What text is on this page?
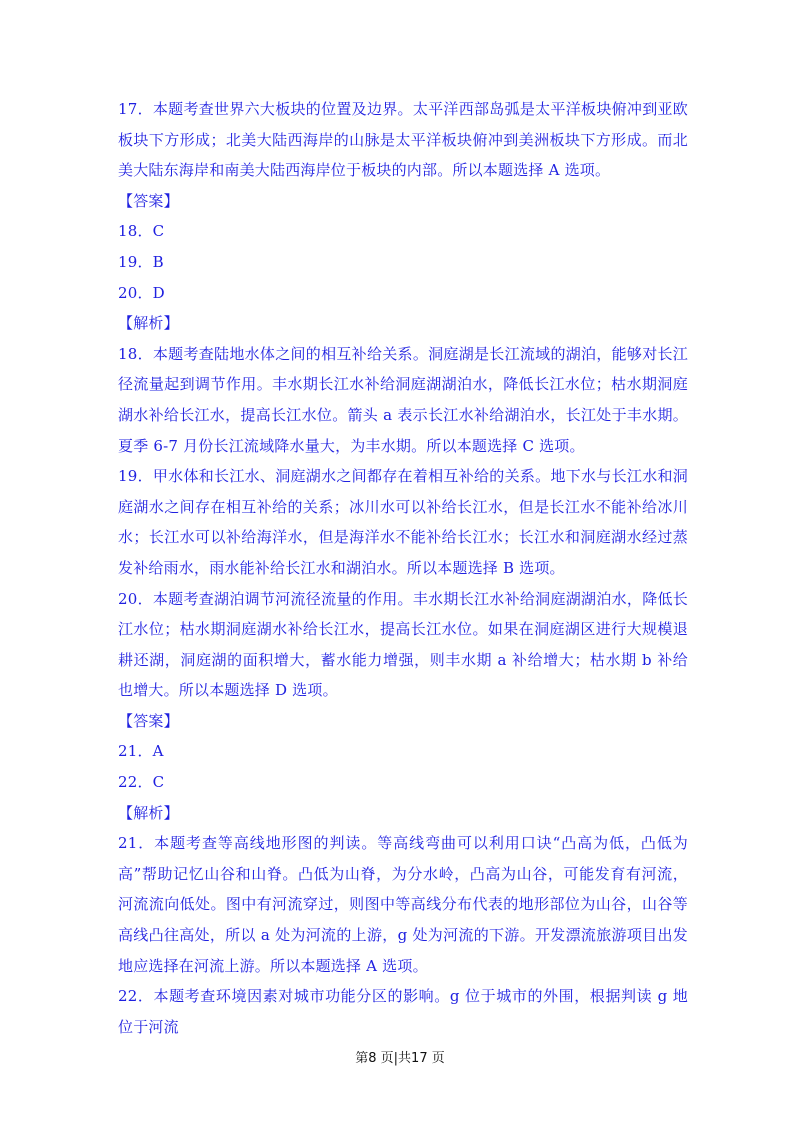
17．本题考查世界六大板块的位置及边界。太平洋西部岛弧是太平洋板块俯冲到亚欧板块下方形成；北美大陆西海岸的山脉是太平洋板块俯冲到美洲板块下方形成。而北美大陆东海岸和南美大陆西海岸位于板块的内部。所以本题选择 A 选项。

【答案】

18．C

19．B

20．D

【解析】

18．本题考查陆地水体之间的相互补给关系。洞庭湖是长江流域的湖泊，能够对长江径流量起到调节作用。丰水期长江水补给洞庭湖湖泊水，降低长江水位；枯水期洞庭湖水补给长江水，提高长江水位。箭头 a 表示长江水补给湖泊水，长江处于丰水期。夏季 6-7 月份长江流域降水量大，为丰水期。所以本题选择 C 选项。

19．甲水体和长江水、洞庭湖水之间都存在着相互补给的关系。地下水与长江水和洞庭湖水之间存在相互补给的关系；冰川水可以补给长江水，但是长江水不能补给冰川水；长江水可以补给海洋水，但是海洋水不能补给长江水；长江水和洞庭湖水经过蒸发补给雨水，雨水能补给长江水和湖泊水。所以本题选择 B 选项。

20．本题考查湖泊调节河流径流量的作用。丰水期长江水补给洞庭湖湖泊水，降低长江水位；枯水期洞庭湖水补给长江水，提高长江水位。如果在洞庭湖区进行大规模退耕还湖，洞庭湖的面积增大，蓄水能力增强，则丰水期 a 补给增大；枯水期 b 补给也增大。所以本题选择 D 选项。

【答案】

21．A

22．C

【解析】

21．本题考查等高线地形图的判读。等高线弯曲可以利用口诀“凸高为低，凸低为高”帮助记忆山谷和山脊。凸低为山脊，为分水岭，凸高为山谷，可能发育有河流，河流流向低处。图中有河流穿过，则图中等高线分布代表的地形部位为山谷，山谷等高线凸往高处，所以 a 处为河流的上游，g 处为河流的下游。开发漂流旅游项目出发地应选择在河流上游。所以本题选择 A 选项。

22．本题考查环境因素对城市功能分区的影响。g 位于城市的外围，根据判读 g 地位于河流

第8 页|共17 页
